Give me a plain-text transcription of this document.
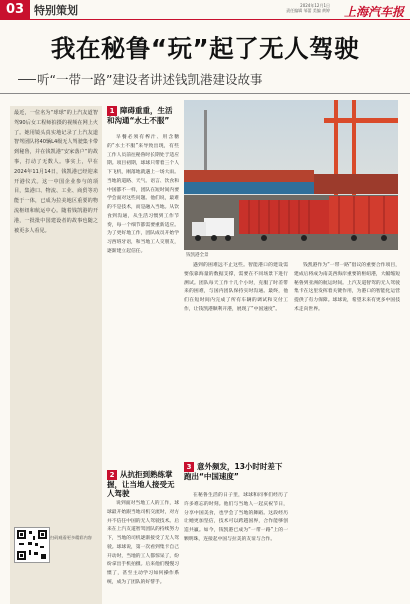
03 特别策划	2024年12月1日
责任编辑 邹蕾 美编 黄婷 上海汽车报
我在秘鲁“玩”起了无人驾驶
听“一带一路”建设者讲述钱凯港建设故事
最近，一位名为“球球”的上汽友道智驾90后女工程师拍摄的视频在网上火了。她用镜头真实地记录了上汽友道智驾团队将40辆L4级无人驾驶集卡带到秘鲁，并在钱凯港“安家落户”的故事，打动了无数人。事实上，早在2024年11月14日，钱凯港已经迎来开港仪式。这一中国企业参与的项目，集港口、物流、工业、商贸等功能于一体，已成为拉美地区重要的物流枢纽和航运中心。随着钱凯港的开港，一批批中国建设者的故事也随之被更多人看见。
扫码观看更多精彩内容
1 障碍重重，生活和沟通“水土不服”

早餐必须有榨汁、用含糖的“水土不服”来导致出现，有些工作人员前往秘鲁时长期处于适应期。项目初期，球球只带着三个人下飞机，刚落地就遇上一场大雨。当地的道路、天气、语言、饮食和中国都不一样，团队在短时间内要学会面对这些问题。他们说，最难的不是技术，而是融入当地。从饮食到沟通，从生活习惯到工作节奏，每一个细节都需要重新适应。为了更好地工作，团队成员开始学习西班牙语，和当地工人交朋友，逐渐建立起信任。

2 从抗拒到熟练掌握，让当地人接受无人驾驶

说到面对当地工人的工作，球球最开始跟当地司机交流时，对方并不信任中国的无人驾驶技术。后来在上汽友道智驾团队的持续努力下，当地的司机逐渐接受了无人驾驶。球球说，第一次看到集卡自己开动时，当地的工人都惊呆了，纷纷拿出手机拍摄。后来他们慢慢习惯了，甚至主动学习如何操作系统，成为了团队的好帮手。

钱凯港全景

遇到的困难远不止这些。智能港口的建设需要依靠海量的数据支撑，需要在不同场景下进行测试。团队每天工作十几个小时，克服了时差带来的困难，与国内团队保持实时沟通。最终，他们在短时间内完成了所有车辆的调试和交付工作，让钱凯港顺利开港，展现了“中国速度”。

3 意外频发，13小时时差下跑出“中国速度”

在秘鲁生活的日子里，球球和同事们经历了许多难忘的时刻。他们与当地人一起庆祝节日，分享中国美食，也学会了当地的舞蹈。这段经历让她更加坚信，技术可以跨越国界，合作能够创造共赢。如今，钱凯港已成为“一带一路”上的一颗明珠，连接起中国与拉美的友谊与合作。

钱凯港作为“一带一路”倡议的重要合作项目，建成后将成为南美西海岸重要的枢纽港，大幅缩短秘鲁到亚洲的航运时间。上汽友道智驾的无人驾驶集卡在这里发挥着关键作用，为港口的智能化运营提供了有力保障。球球说，希望未来有更多中国技术走向世界。
